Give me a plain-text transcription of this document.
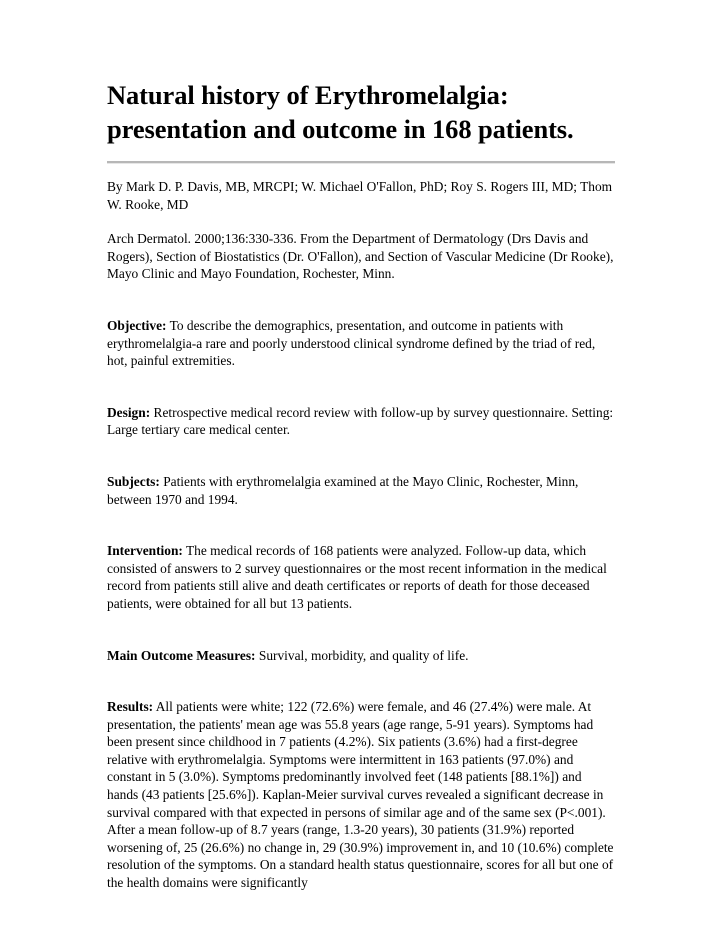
Natural history of Erythromelalgia:
presentation and outcome in 168 patients.

By Mark D. P. Davis, MB, MRCPI; W. Michael O'Fallon, PhD; Roy S. Rogers III, MD; Thom W. Rooke, MD

Arch Dermatol. 2000;136:330-336. From the Department of Dermatology (Drs Davis and Rogers), Section of Biostatistics (Dr. O'Fallon), and Section of Vascular Medicine (Dr Rooke), Mayo Clinic and Mayo Foundation, Rochester, Minn.

Objective: To describe the demographics, presentation, and outcome in patients with erythromelalgia-a rare and poorly understood clinical syndrome defined by the triad of red, hot, painful extremities.

Design: Retrospective medical record review with follow-up by survey questionnaire. Setting: Large tertiary care medical center.

Subjects: Patients with erythromelalgia examined at the Mayo Clinic, Rochester, Minn, between 1970 and 1994.

Intervention: The medical records of 168 patients were analyzed. Follow-up data, which consisted of answers to 2 survey questionnaires or the most recent information in the medical record from patients still alive and death certificates or reports of death for those deceased patients, were obtained for all but 13 patients.

Main Outcome Measures: Survival, morbidity, and quality of life.

Results: All patients were white; 122 (72.6%) were female, and 46 (27.4%) were male. At presentation, the patients' mean age was 55.8 years (age range, 5-91 years). Symptoms had been present since childhood in 7 patients (4.2%). Six patients (3.6%) had a first-degree relative with erythromelalgia. Symptoms were intermittent in 163 patients (97.0%) and constant in 5 (3.0%). Symptoms predominantly involved feet (148 patients [88.1%]) and hands (43 patients [25.6%]). Kaplan-Meier survival curves revealed a significant decrease in survival compared with that expected in persons of similar age and of the same sex (P<.001). After a mean follow-up of 8.7 years (range, 1.3-20 years), 30 patients (31.9%) reported worsening of, 25 (26.6%) no change in, 29 (30.9%) improvement in, and 10 (10.6%) complete resolution of the symptoms. On a standard health status questionnaire, scores for all but one of the health domains were significantly
